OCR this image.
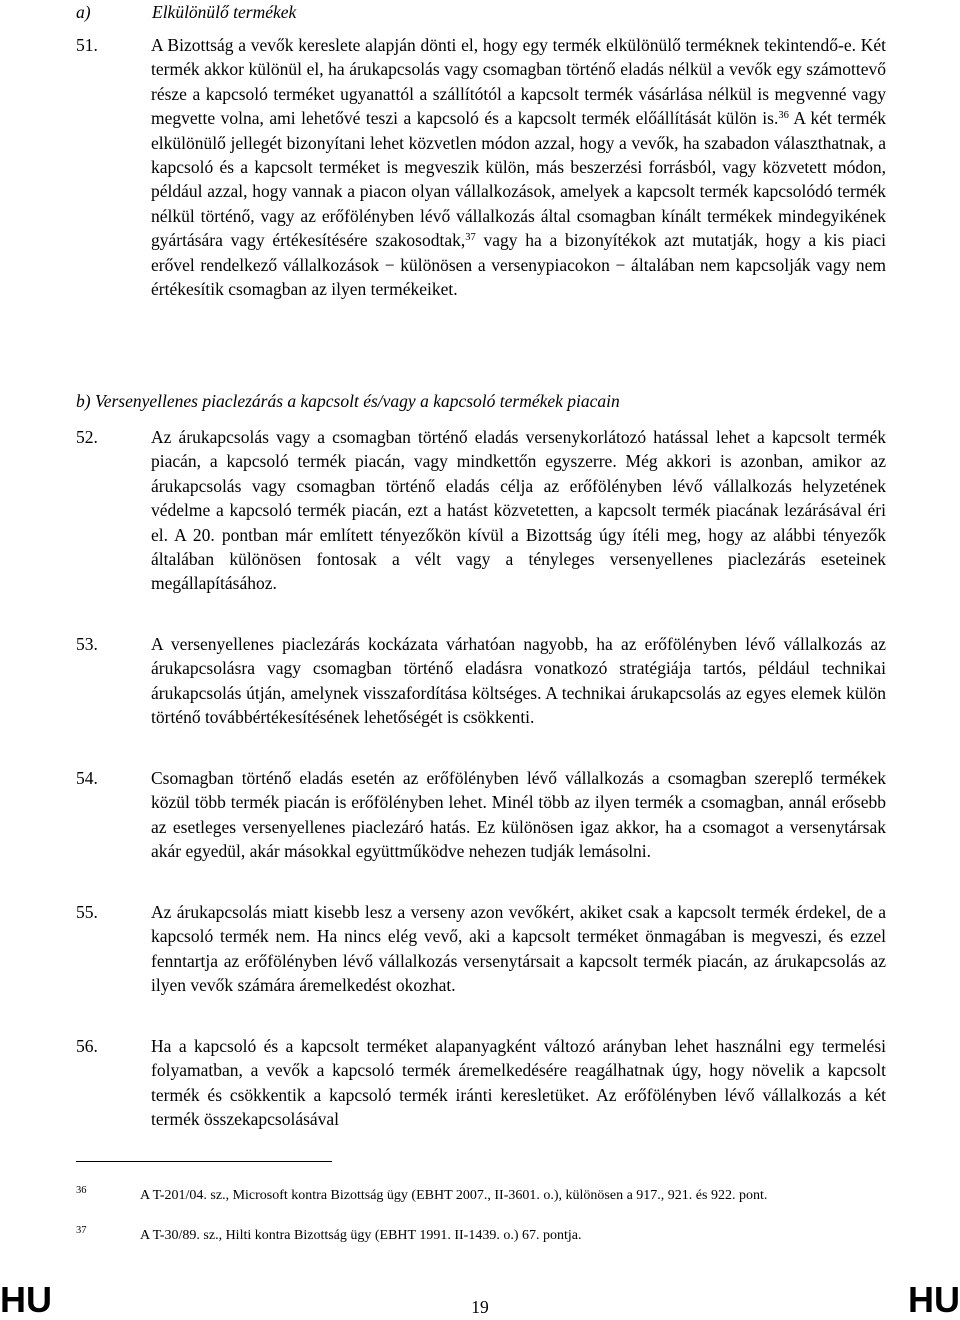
a)	Elkülönülő termékek
51.	A Bizottság a vevők kereslete alapján dönti el, hogy egy termék elkülönülő terméknek tekintendő-e. Két termék akkor különül el, ha árukapcsolás vagy csomagban történő eladás nélkül a vevők egy számottevő része a kapcsoló terméket ugyanattól a szállítótól a kapcsolt termék vásárlása nélkül is megvenné vagy megvette volna, ami lehetővé teszi a kapcsoló és a kapcsolt termék előállítását külön is.$^{36}$ A két termék elkülönülő jellegét bizonyítani lehet közvetlen módon azzal, hogy a vevők, ha szabadon választhatnak, a kapcsoló és a kapcsolt terméket is megveszik külön, más beszerzési forrásból, vagy közvetett módon, például azzal, hogy vannak a piacon olyan vállalkozások, amelyek a kapcsolt termék kapcsolódó termék nélkül történő, vagy az erőfölényben lévő vállalkozás által csomagban kínált termékek mindegyikének gyártására vagy értékesítésére szakosodtak,$^{37}$ vagy ha a bizonyítékok azt mutatják, hogy a kis piaci erővel rendelkező vállalkozások − különösen a versenypiacokon − általában nem kapcsolják vagy nem értékesítik csomagban az ilyen termékeiket.
b) Versenyellenes piaclezárás a kapcsolt és/vagy a kapcsoló termékek piacain
52.	Az árukapcsolás vagy a csomagban történő eladás versenykorlátozó hatással lehet a kapcsolt termék piacán, a kapcsoló termék piacán, vagy mindkettőn egyszerre. Még akkori is azonban, amikor az árukapcsolás vagy csomagban történő eladás célja az erőfölényben lévő vállalkozás helyzetének védelme a kapcsoló termék piacán, ezt a hatást közvetetten, a kapcsolt termék piacának lezárásával éri el. A 20. pontban már említett tényezőkön kívül a Bizottság úgy ítéli meg, hogy az alábbi tényezők általában különösen fontosak a vélt vagy a tényleges versenyellenes piaclezárás eseteinek megállapításához.
53.	A versenyellenes piaclezárás kockázata várhatóan nagyobb, ha az erőfölényben lévő vállalkozás az árukapcsolásra vagy csomagban történő eladásra vonatkozó stratégiája tartós, például technikai árukapcsolás útján, amelynek visszafordítása költséges. A technikai árukapcsolás az egyes elemek külön történő továbbértékesítésének lehetőségét is csökkenti.
54.	Csomagban történő eladás esetén az erőfölényben lévő vállalkozás a csomagban szereplő termékek közül több termék piacán is erőfölényben lehet. Minél több az ilyen termék a csomagban, annál erősebb az esetleges versenyellenes piaclezáró hatás. Ez különösen igaz akkor, ha a csomagot a versenytársak akár egyedül, akár másokkal együttműködve nehezen tudják lemásolni.
55.	Az árukapcsolás miatt kisebb lesz a verseny azon vevőkért, akiket csak a kapcsolt termék érdekel, de a kapcsoló termék nem. Ha nincs elég vevő, aki a kapcsolt terméket önmagában is megveszi, és ezzel fenntartja az erőfölényben lévő vállalkozás versenytársait a kapcsolt termék piacán, az árukapcsolás az ilyen vevők számára áremelkedést okozhat.
56.	Ha a kapcsoló és a kapcsolt terméket alapanyagként változó arányban lehet használni egy termelési folyamatban, a vevők a kapcsoló termék áremelkedésére reagálhatnak úgy, hogy növelik a kapcsolt termék és csökkentik a kapcsoló termék iránti keresletüket. Az erőfölényben lévő vállalkozás a két termék összekapcsolásával
36	A T-201/04. sz., Microsoft kontra Bizottság ügy (EBHT 2007., II-3601. o.), különösen a 917., 921. és 922. pont.
37	A T-30/89. sz., Hilti kontra Bizottság ügy (EBHT 1991. II-1439. o.) 67. pontja.
HU	19	HU
